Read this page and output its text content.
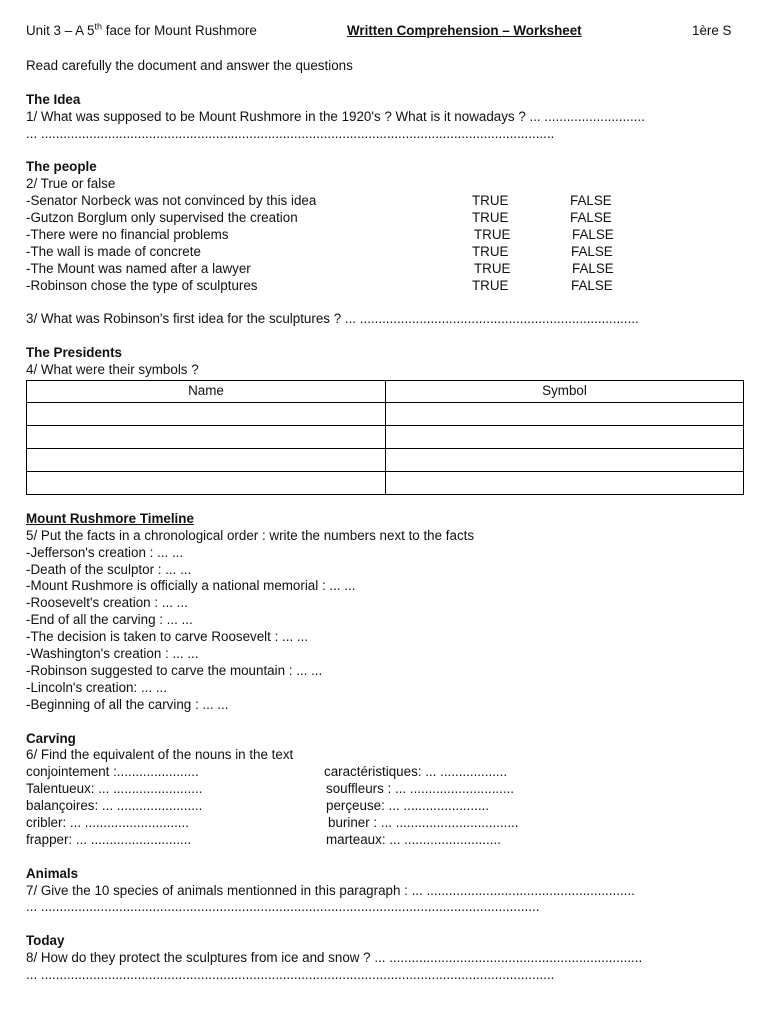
Unit 3 – A 5th face for Mount Rushmore	Written Comprehension – Worksheet	1ère S
Read carefully the document and answer the questions
The Idea
1/ What was supposed to be Mount Rushmore in the 1920's ? What is it nowadays ? ... ...........................
... ..........................................................................................................................................
The people
2/ True or false
-Senator Norbeck was not convinced by this idea	TRUE	FALSE
-Gutzon Borglum only supervised the creation	TRUE	FALSE
-There were no financial problems	TRUE	FALSE
-The wall is made of concrete	TRUE	FALSE
-The Mount was named after a lawyer	TRUE	FALSE
-Robinson chose the type of sculptures	TRUE	FALSE
3/ What was Robinson's first idea for the sculptures ? ... ...........................................................................
The Presidents
4/ What were their symbols ?
Name	Symbol

Mount Rushmore Timeline
5/ Put the facts in a chronological order : write the numbers next to the facts
-Jefferson's creation : ... ...
-Death of the sculptor : ... ...
-Mount Rushmore is officially a national memorial : ... ...
-Roosevelt's creation : ... ...
-End of all the carving : ... ...
-The decision is taken to carve Roosevelt : ... ...
-Washington's creation : ... ...
-Robinson suggested to carve the mountain : ... ...
-Lincoln's creation: ... ...
-Beginning of all the carving : ... ...
Carving
6/ Find the equivalent of the nouns in the text
conjointement :......................	caractéristiques: ... ..................
Talentueux: ... ........................	souffleurs : ... ............................
balançoires: ... .......................	perçeuse: ... .......................
cribler: ... ............................	buriner : ... .................................
frapper: ... ...........................	marteaux: ... ..........................
Animals
7/ Give the 10 species of animals mentionned in this paragraph : ... ........................................................
... ......................................................................................................................................
Today
8/ How do they protect the sculptures from ice and snow ? ... ....................................................................
... ..........................................................................................................................................
